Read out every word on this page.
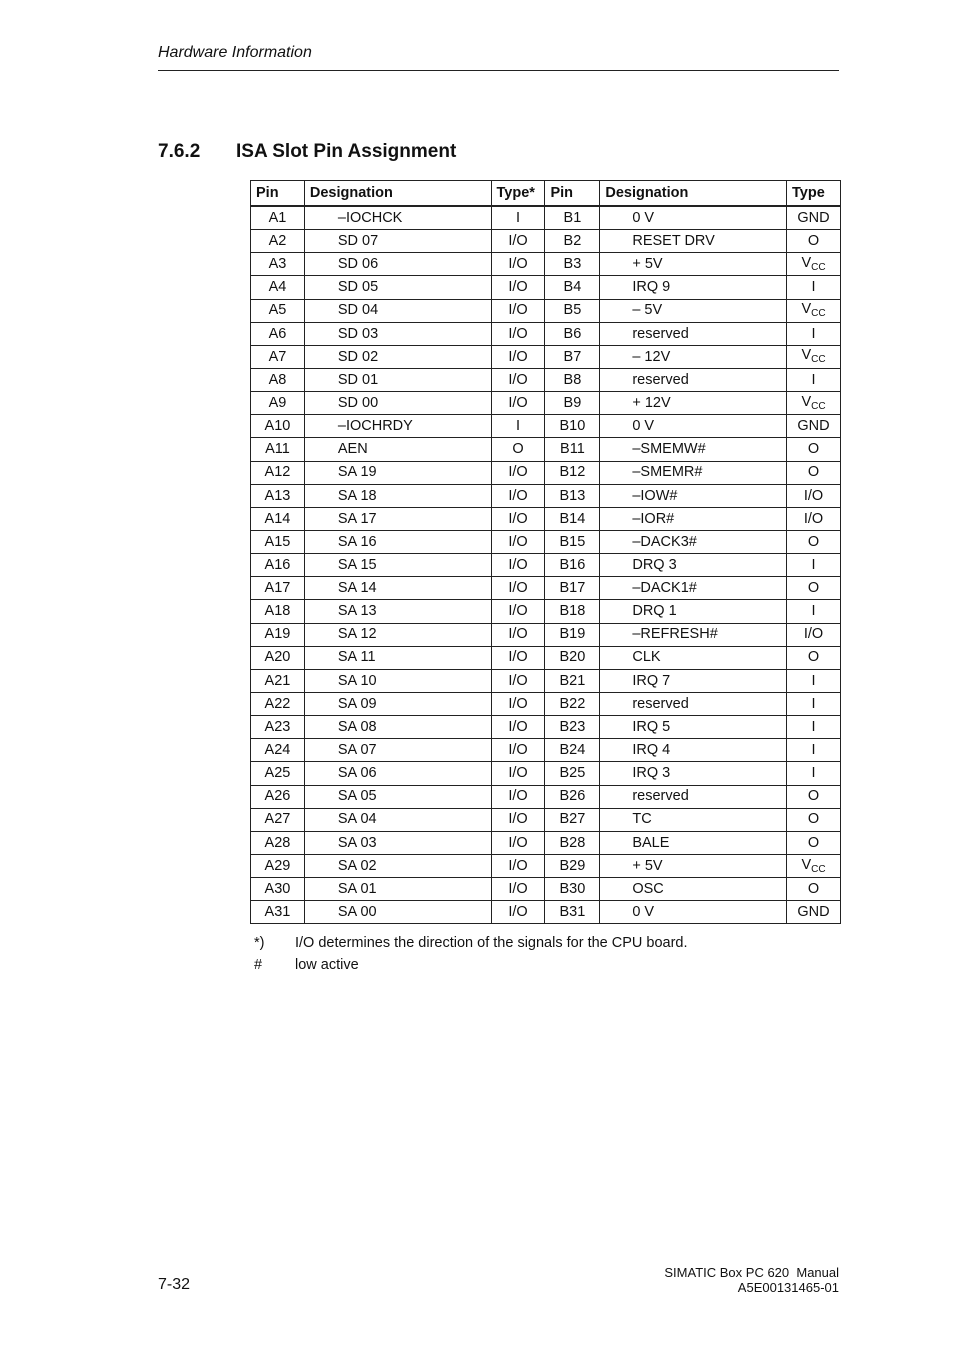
Hardware Information
7.6.2 ISA Slot Pin Assignment
Pin	Designation	Type*	Pin	Designation	Type
A1	–IOCHCK	I	B1	0 V	GND
A2	SD 07	I/O	B2	RESET DRV	O
A3	SD 06	I/O	B3	+ 5V	$V_{CC}$
A4	SD 05	I/O	B4	IRQ 9	I
A5	SD 04	I/O	B5	– 5V	$V_{CC}$
A6	SD 03	I/O	B6	reserved	I
A7	SD 02	I/O	B7	– 12V	$V_{CC}$
A8	SD 01	I/O	B8	reserved	I
A9	SD 00	I/O	B9	+ 12V	$V_{CC}$
A10	–IOCHRDY	I	B10	0 V	GND
A11	AEN	O	B11	–SMEMW#	O
A12	SA 19	I/O	B12	–SMEMR#	O
A13	SA 18	I/O	B13	–IOW#	I/O
A14	SA 17	I/O	B14	–IOR#	I/O
A15	SA 16	I/O	B15	–DACK3#	O
A16	SA 15	I/O	B16	DRQ 3	I
A17	SA 14	I/O	B17	–DACK1#	O
A18	SA 13	I/O	B18	DRQ 1	I
A19	SA 12	I/O	B19	–REFRESH#	I/O
A20	SA 11	I/O	B20	CLK	O
A21	SA 10	I/O	B21	IRQ 7	I
A22	SA 09	I/O	B22	reserved	I
A23	SA 08	I/O	B23	IRQ 5	I
A24	SA 07	I/O	B24	IRQ 4	I
A25	SA 06	I/O	B25	IRQ 3	I
A26	SA 05	I/O	B26	reserved	O
A27	SA 04	I/O	B27	TC	O
A28	SA 03	I/O	B28	BALE	O
A29	SA 02	I/O	B29	+ 5V	$V_{CC}$
A30	SA 01	I/O	B30	OSC	O
A31	SA 00	I/O	B31	0 V	GND
*) I/O determines the direction of the signals for the CPU board.
# low active
7-32
SIMATIC Box PC 620  Manual
A5E00131465-01
